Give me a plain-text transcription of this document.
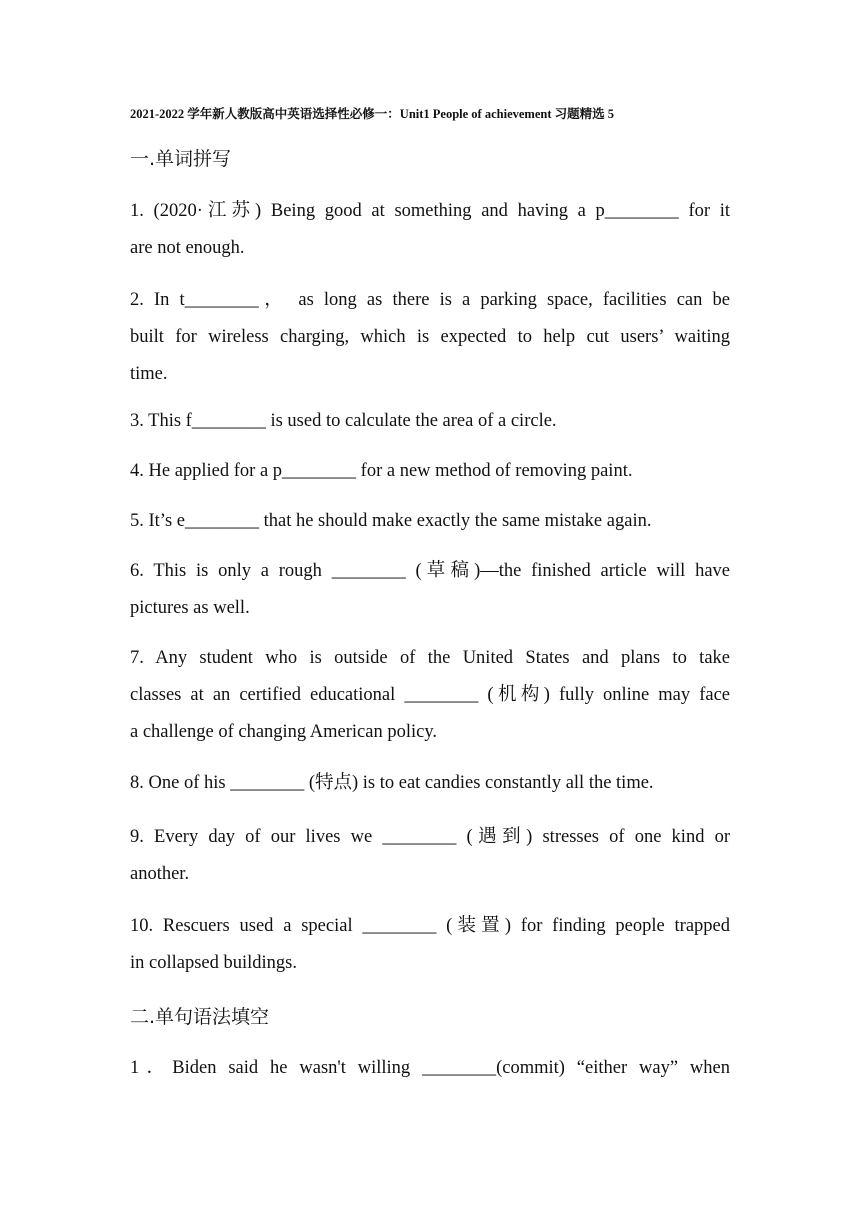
2021-2022 学年新人教版高中英语选择性必修一：Unit1 People of achievement 习题精选 5
一.单词拼写
1. (2020·江苏) Being good at something and having a p________ for it
are not enough.
2. In t________， as long as there is a parking space, facilities can be
built for wireless charging, which is expected to help cut users’ waiting
time.
3. This f________ is used to calculate the area of a circle.
4. He applied for a p________ for a new method of removing paint.
5. It’s e________ that he should make exactly the same mistake again.
6. This is only a rough ________ (草稿)—the finished article will have
pictures as well.
7. Any student who is outside of the United States and plans to take
classes at an certified educational ________ (机构) fully online may face
a challenge of changing American policy.
8. One of his ________ (特点) is to eat candies constantly all the time.
9. Every day of our lives we ________ (遇到) stresses of one kind or
another.
10. Rescuers used a special ________ (装置) for finding people trapped
in collapsed buildings.
二.单句语法填空
1．Biden said he wasn't willing ________(commit) “either way” when
